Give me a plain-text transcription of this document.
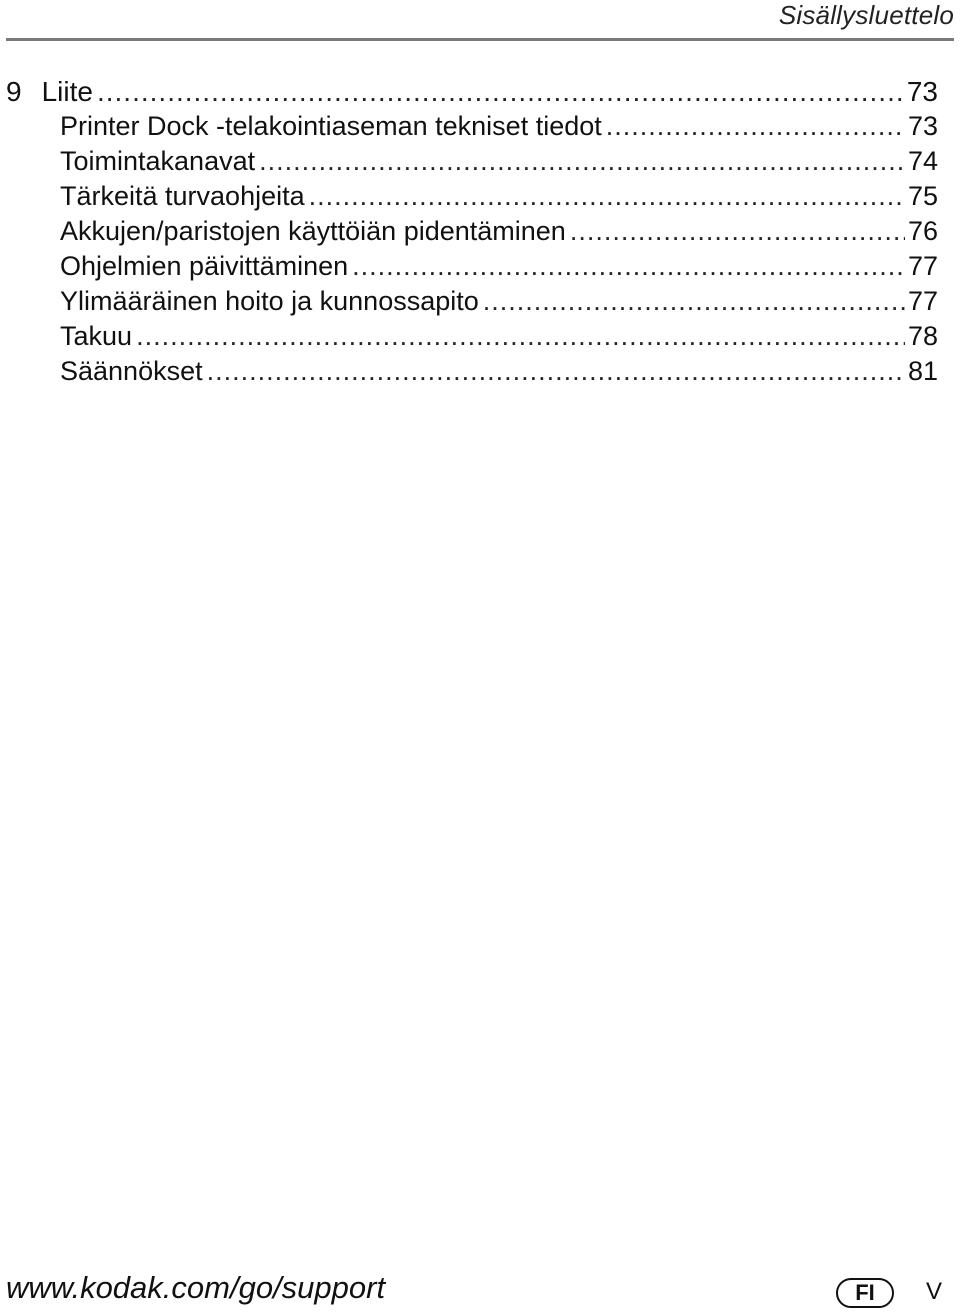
Sisällysluettelo
9 Liite .....	73
Printer Dock -telakointiaseman tekniset tiedot .....	73
Toimintakanavat .....	74
Tärkeitä turvaohjeita .....	75
Akkujen/paristojen käyttöiän pidentäminen .....	76
Ohjelmien päivittäminen .....	77
Ylimääräinen hoito ja kunnossapito .....	77
Takuu .....	78
Säännökset .....	81
www.kodak.com/go/support	FI	V
